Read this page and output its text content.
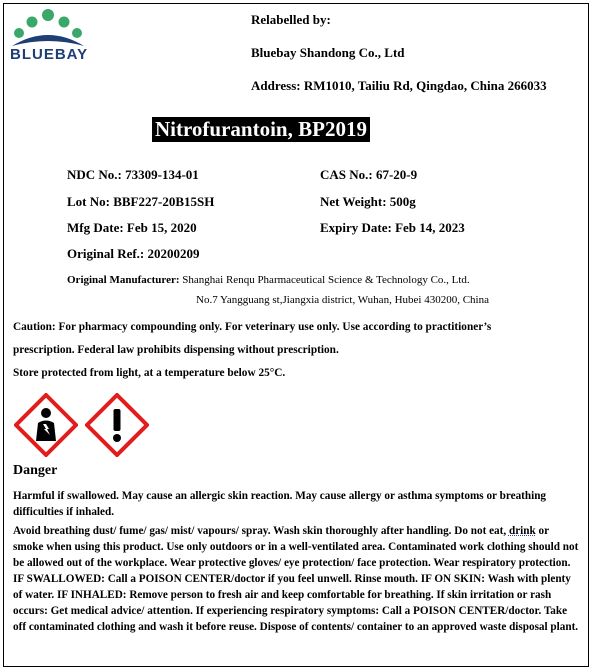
BLUEBAY
Relabelled by:
Bluebay Shandong Co., Ltd
Address: RM1010, Tailiu Rd, Qingdao, China 266033
Nitrofurantoin, BP2019
NDC No.: 73309-134-01	CAS No.: 67-20-9
Lot No: BBF227-20B15SH	Net Weight: 500g
Mfg Date: Feb 15, 2020	Expiry Date: Feb 14, 2023
Original Ref.: 20200209
Original Manufacturer: Shanghai Renqu Pharmaceutical Science & Technology Co., Ltd.
No.7 Yangguang st,Jiangxia district, Wuhan, Hubei 430200, China
Caution: For pharmacy compounding only. For veterinary use only. Use according to practitioner’s
prescription. Federal law prohibits dispensing without prescription.
Store protected from light, at a temperature below 25°C.
Danger
Harmful if swallowed. May cause an allergic skin reaction. May cause allergy or asthma symptoms or breathing difficulties if inhaled.
Avoid breathing dust/ fume/ gas/ mist/ vapours/ spray. Wash skin thoroughly after handling. Do not eat, drink or smoke when using this product. Use only outdoors or in a well-ventilated area. Contaminated work clothing should not be allowed out of the workplace. Wear protective gloves/ eye protection/ face protection. Wear respiratory protection. IF SWALLOWED: Call a POISON CENTER/doctor if you feel unwell. Rinse mouth. IF ON SKIN: Wash with plenty of water. IF INHALED: Remove person to fresh air and keep comfortable for breathing. If skin irritation or rash occurs: Get medical advice/ attention. If experiencing respiratory symptoms: Call a POISON CENTER/doctor. Take off contaminated clothing and wash it before reuse. Dispose of contents/ container to an approved waste disposal plant.
